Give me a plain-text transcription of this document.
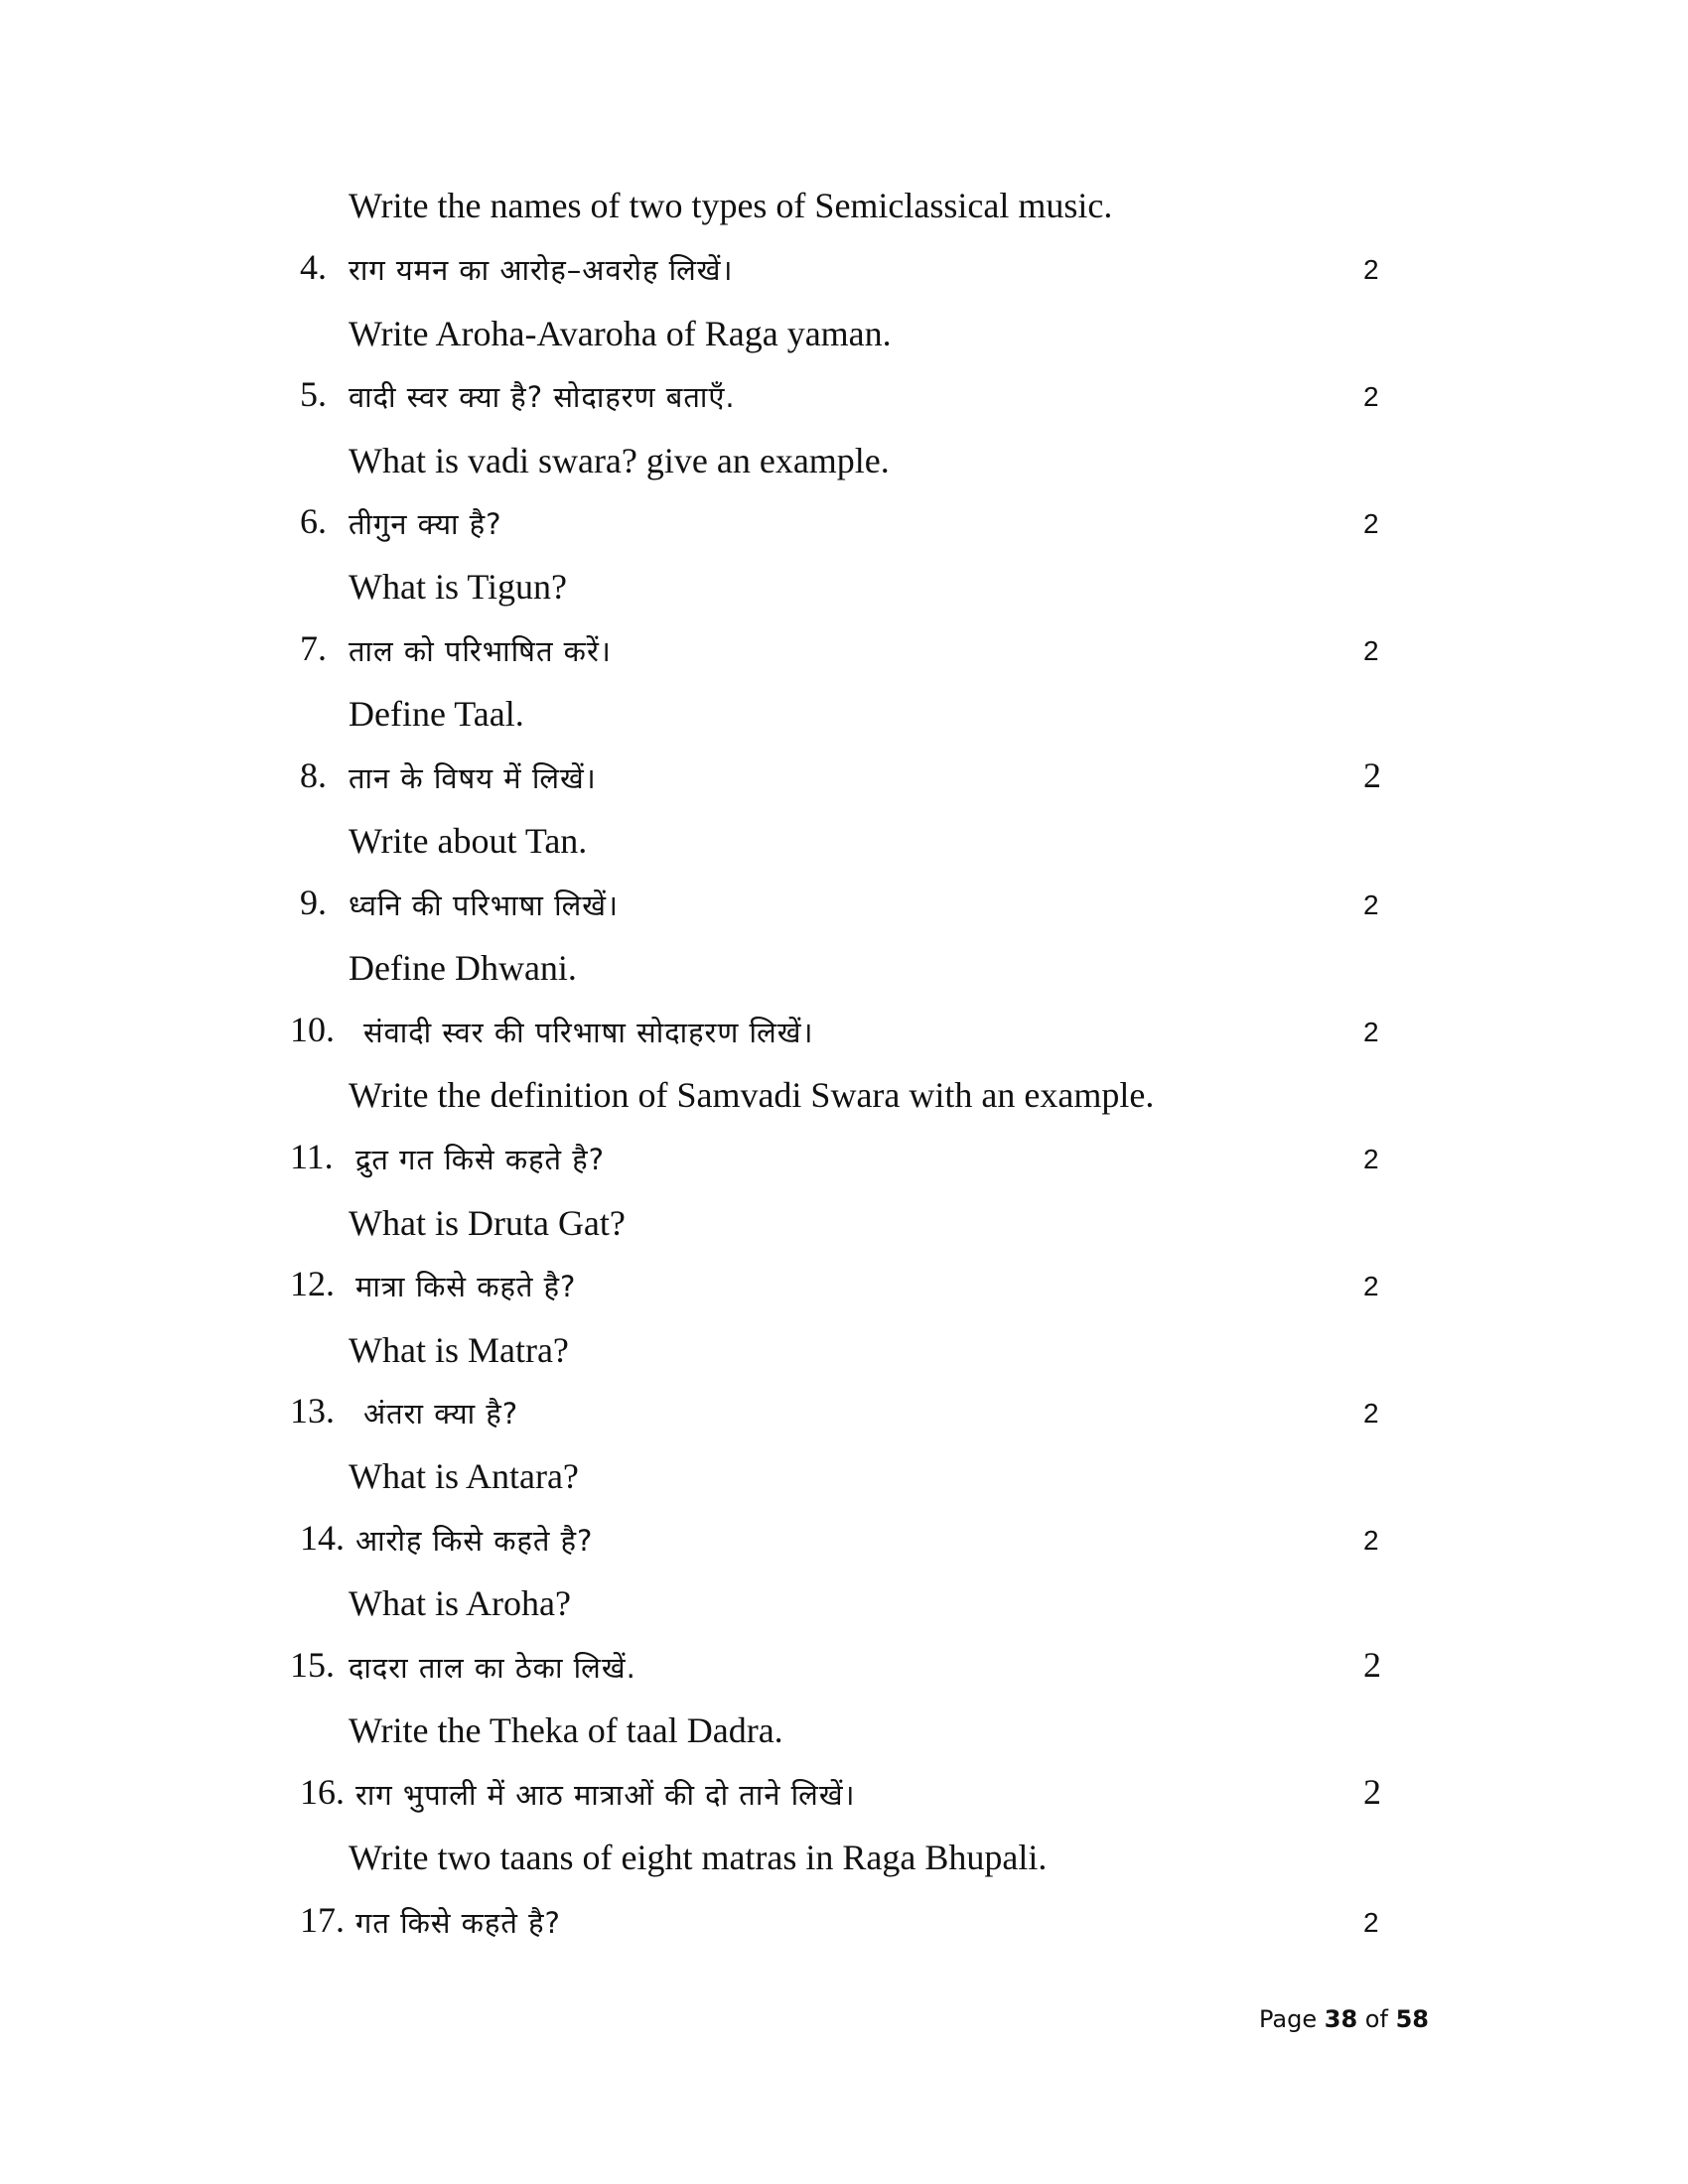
Write the names of two types of Semiclassical music.
4. राग यमन का आरोह–अवरोह लिखें।	2
Write Aroha-Avaroha of Raga yaman.
5. वादी स्वर क्या है? सोदाहरण बताएँ.	2
What is vadi swara? give an example.
6. तीगुन क्या है?	2
What is Tigun?
7. ताल को परिभाषित करें।	2
Define Taal.
8. तान के विषय में लिखें।	2
Write about Tan.
9. ध्वनि की परिभाषा लिखें।	2
Define Dhwani.
10. संवादी स्वर की परिभाषा सोदाहरण लिखें।	2
Write the definition of Samvadi Swara with an example.
11. द्रुत गत किसे कहते है?	2
What is Druta Gat?
12. मात्रा किसे कहते है?	2
What is Matra?
13. अंतरा क्या है?	2
What is Antara?
14. आरोह किसे कहते है?	2
What is Aroha?
15. दादरा ताल का ठेका लिखें.	2
Write the Theka of taal Dadra.
16. राग भुपाली में आठ मात्राओं की दो ताने लिखें।	2
Write two taans of eight matras in Raga Bhupali.
17. गत किसे कहते है?	2
Page 38 of 58
